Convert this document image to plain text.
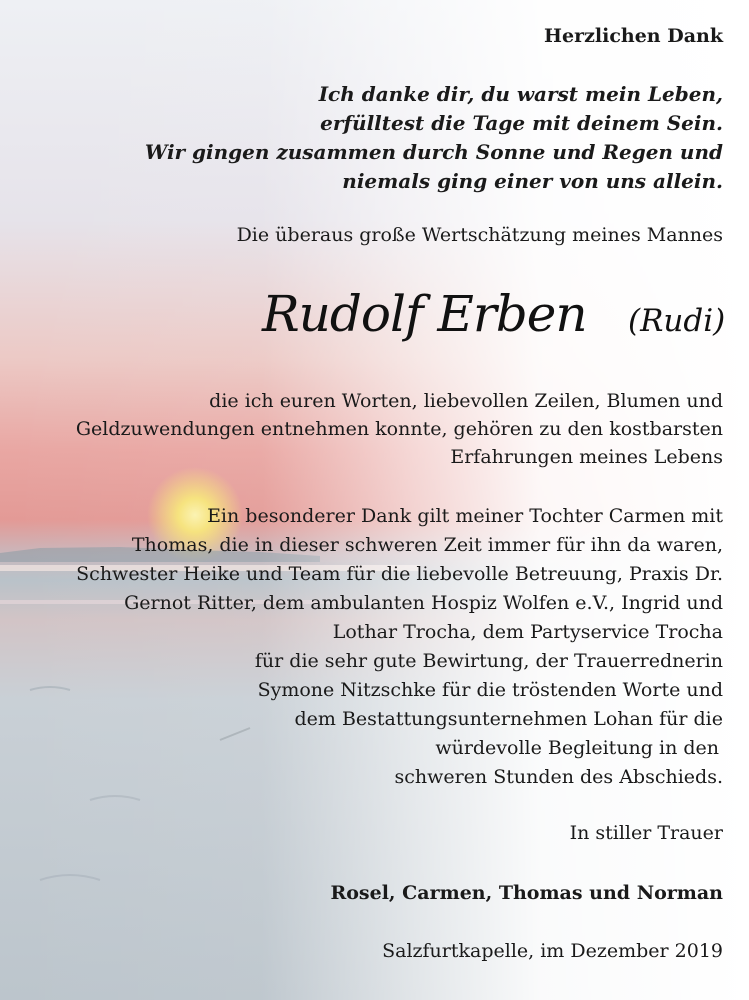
Herzlichen Dank
Ich danke dir, du warst mein Leben,
erfülltest die Tage mit deinem Sein.
Wir gingen zusammen durch Sonne und Regen und
niemals ging einer von uns allein.
Die überaus große Wertschätzung meines Mannes
Rudolf Erben (Rudi)
die ich euren Worten, liebevollen Zeilen, Blumen und
Geldzuwendungen entnehmen konnte, gehören zu den kostbarsten
Erfahrungen meines Lebens
Ein besonderer Dank gilt meiner Tochter Carmen mit
Thomas, die in dieser schweren Zeit immer für ihn da waren,
Schwester Heike und Team für die liebevolle Betreuung, Praxis Dr.
Gernot Ritter, dem ambulanten Hospiz Wolfen e.V., Ingrid und
Lothar Trocha, dem Partyservice Trocha
für die sehr gute Bewirtung, der Trauerrednerin
Symone Nitzschke für die tröstenden Worte und
dem Bestattungsunternehmen Lohan für die
würdevolle Begleitung in den
schweren Stunden des Abschieds.
In stiller Trauer
Rosel, Carmen, Thomas und Norman
Salzfurtkapelle, im Dezember 2019
